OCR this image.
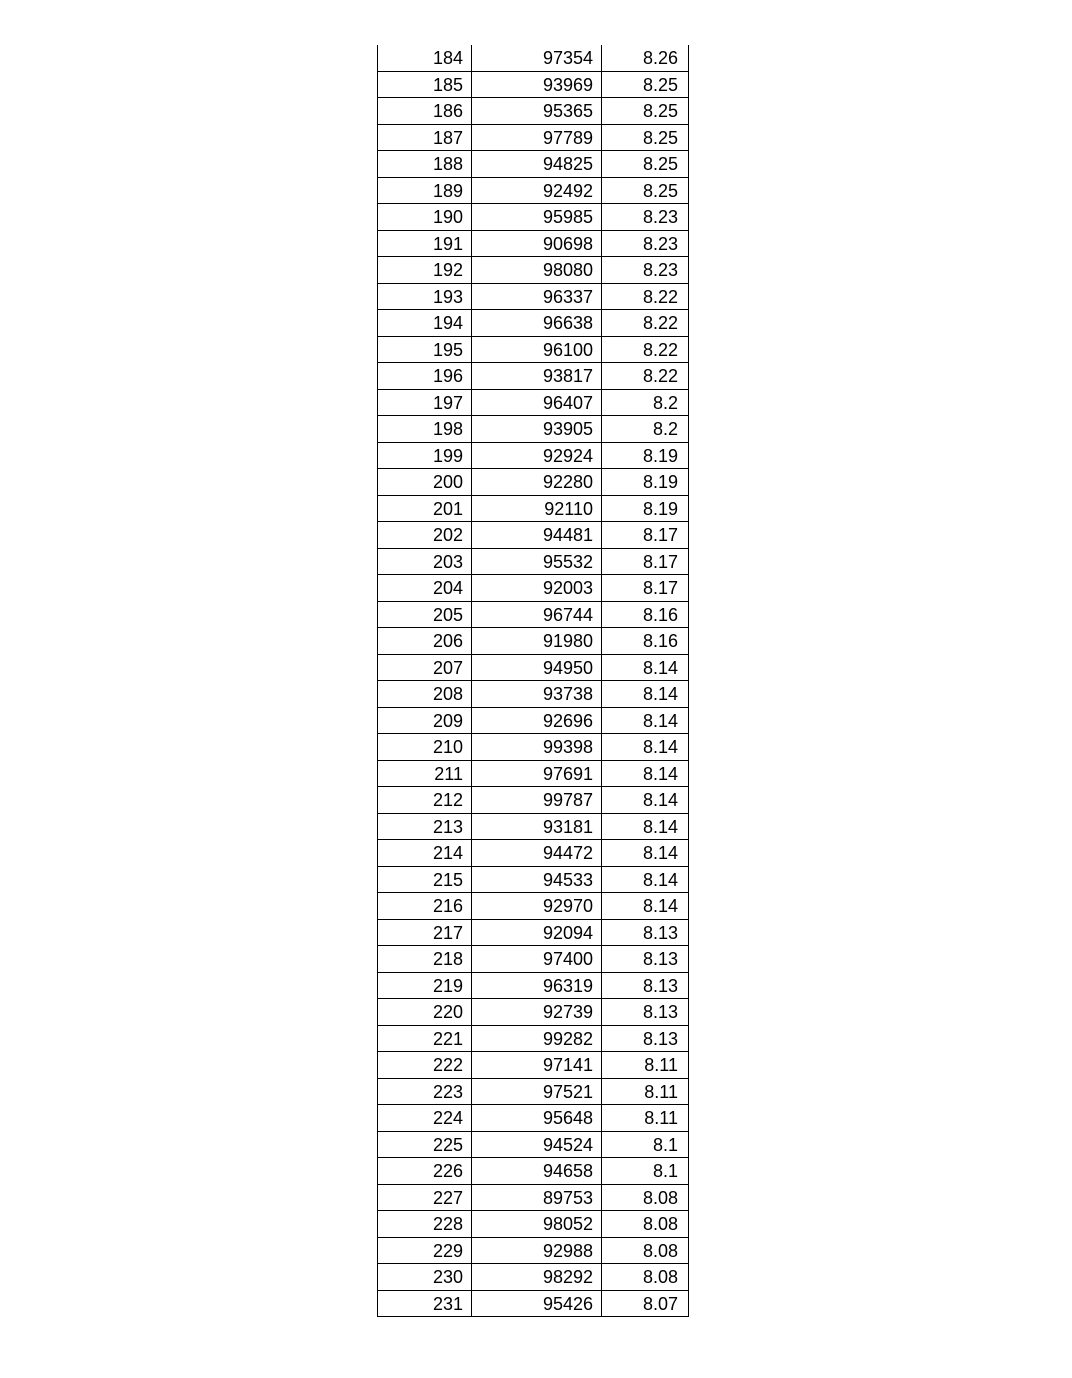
184	97354	8.26
185	93969	8.25
186	95365	8.25
187	97789	8.25
188	94825	8.25
189	92492	8.25
190	95985	8.23
191	90698	8.23
192	98080	8.23
193	96337	8.22
194	96638	8.22
195	96100	8.22
196	93817	8.22
197	96407	8.2
198	93905	8.2
199	92924	8.19
200	92280	8.19
201	92110	8.19
202	94481	8.17
203	95532	8.17
204	92003	8.17
205	96744	8.16
206	91980	8.16
207	94950	8.14
208	93738	8.14
209	92696	8.14
210	99398	8.14
211	97691	8.14
212	99787	8.14
213	93181	8.14
214	94472	8.14
215	94533	8.14
216	92970	8.14
217	92094	8.13
218	97400	8.13
219	96319	8.13
220	92739	8.13
221	99282	8.13
222	97141	8.11
223	97521	8.11
224	95648	8.11
225	94524	8.1
226	94658	8.1
227	89753	8.08
228	98052	8.08
229	92988	8.08
230	98292	8.08
231	95426	8.07
